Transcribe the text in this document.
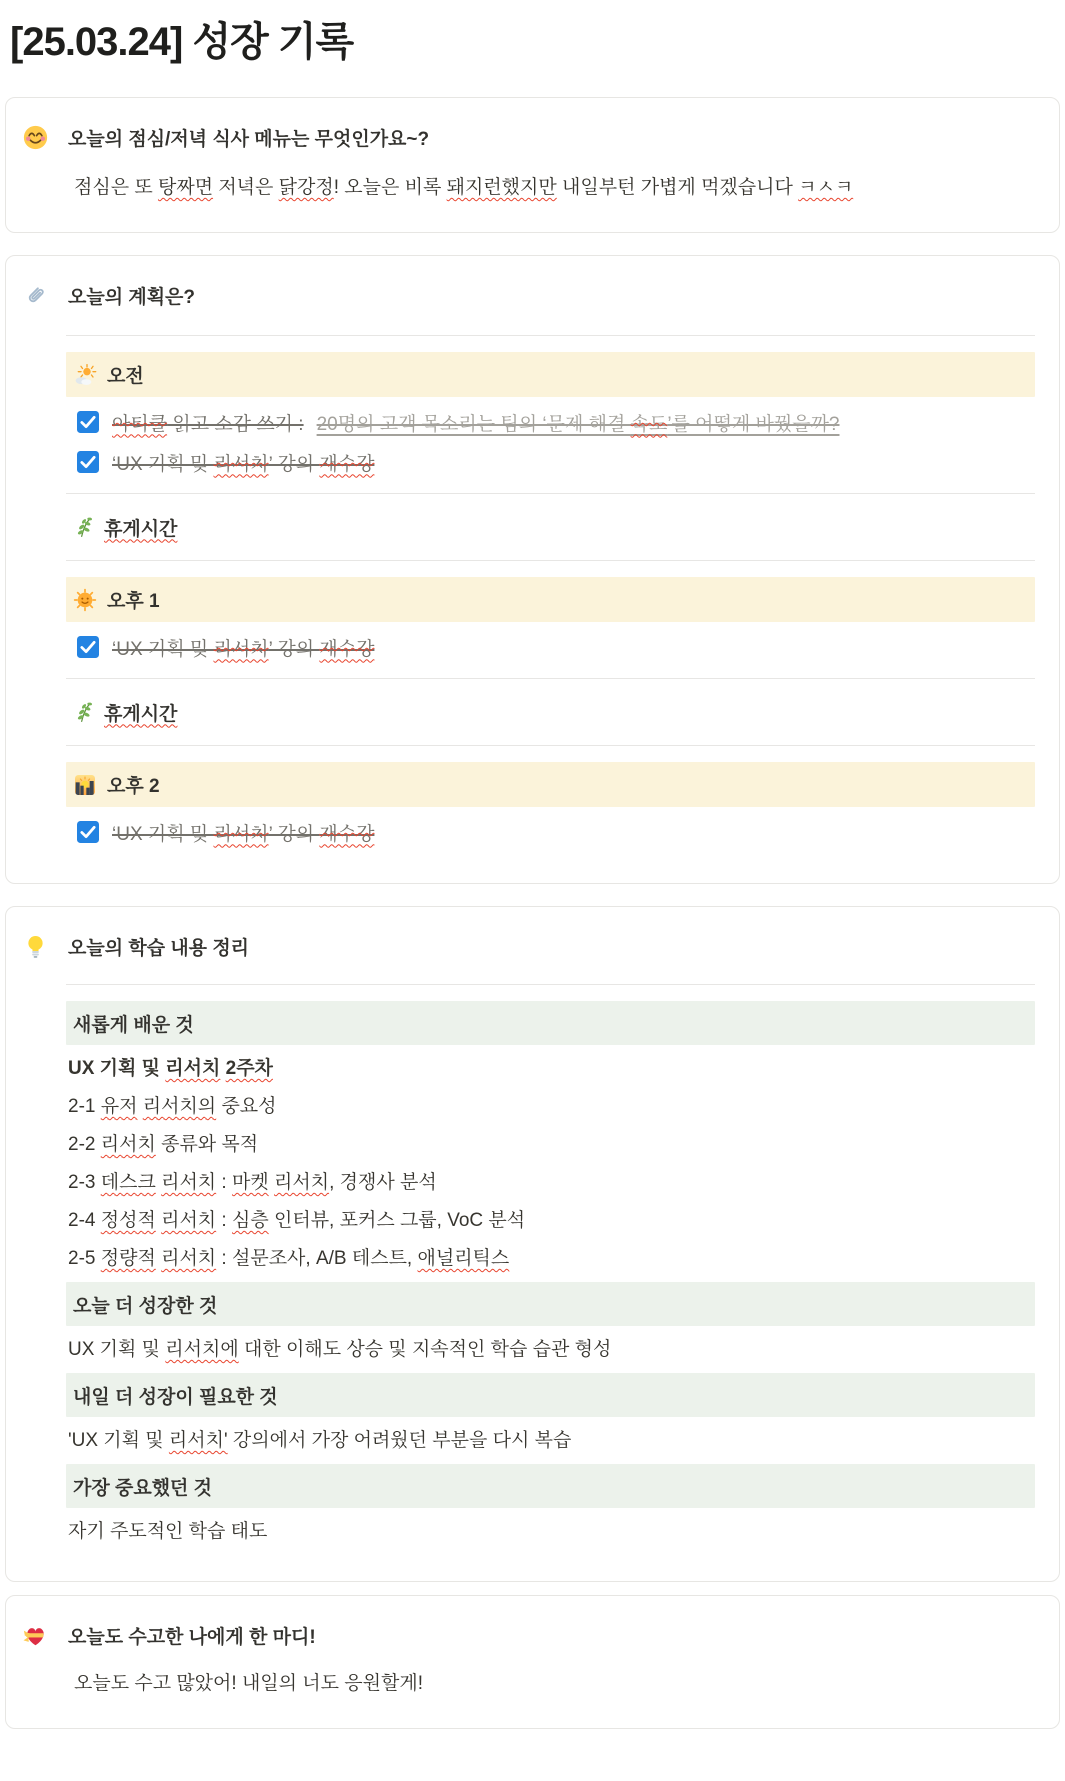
[25.03.24] 성장 기록
오늘의 점심/저녁 식사 메뉴는 무엇인가요~?

점심은 또 탕짜면 저녁은 닭강정! 오늘은 비록 돼지런했지만 내일부턴 가볍게 먹겠습니다 ㅋㅅㅋ

오늘의 계획은?
오전
아티클 읽고 소감 쓰기 : 20명의 고객 목소리는 팀의 ‘문제 해결 속도’를 어떻게 바꿨을까?
‘UX 기획 및 리서치’ 강의 재수강
휴게시간
오후 1
‘UX 기획 및 리서치’ 강의 재수강
휴게시간
오후 2
‘UX 기획 및 리서치’ 강의 재수강
오늘의 학습 내용 정리
새롭게 배운 것

UX 기획 및 리서치 2주차

2-1 유저 리서치의 중요성

2-2 리서치 종류와 목적

2-3 데스크 리서치 : 마켓 리서치, 경쟁사 분석

2-4 정성적 리서치 : 심층 인터뷰, 포커스 그룹, VoC 분석

2-5 정량적 리서치 : 설문조사, A/B 테스트, 애널리틱스

오늘 더 성장한 것

UX 기획 및 리서치에 대한 이해도 상승 및 지속적인 학습 습관 형성

내일 더 성장이 필요한 것

'UX 기획 및 리서치' 강의에서 가장 어려웠던 부분을 다시 복습

가장 중요했던 것

자기 주도적인 학습 태도

오늘도 수고한 나에게 한 마디!

오늘도 수고 많았어! 내일의 너도 응원할게!
